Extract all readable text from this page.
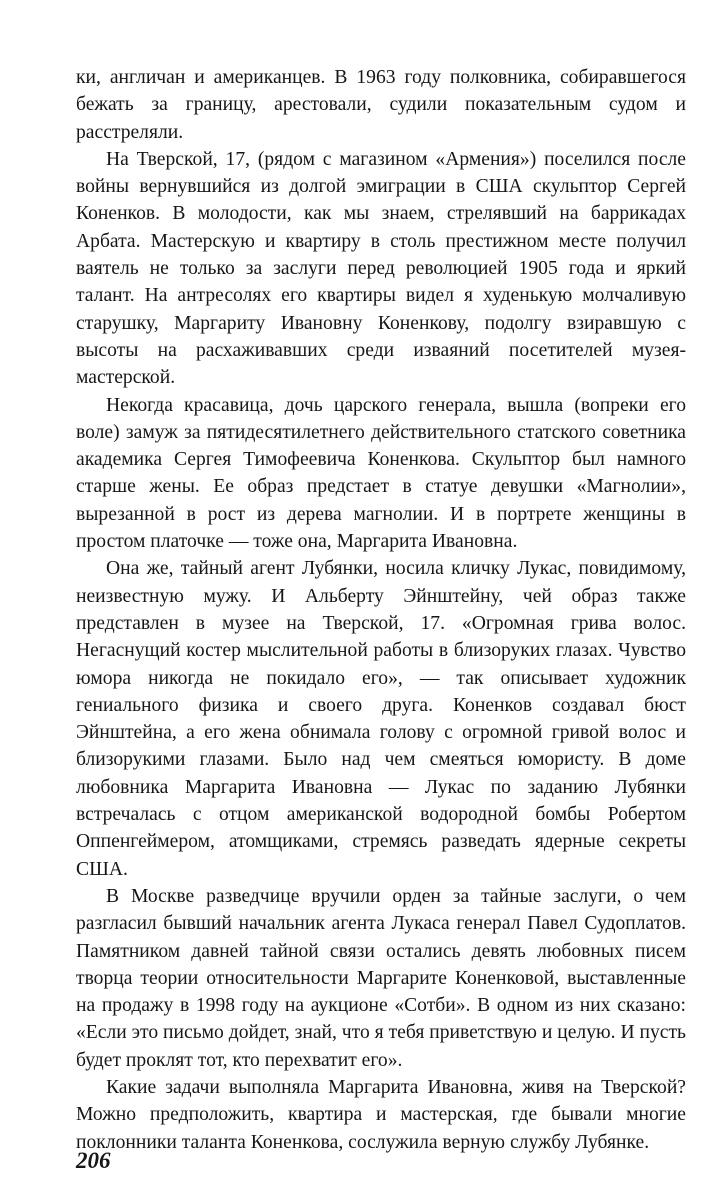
ки, англичан и американцев. В 1963 году полковника, собиравшегося бежать за границу, арестовали, судили показательным судом и расстреляли.

На Тверской, 17, (рядом с магазином «Армения») поселился после войны вернувшийся из долгой эмиграции в США скульптор Сергей Коненков. В молодости, как мы знаем, стрелявший на баррикадах Арбата. Мастерскую и квартиру в столь престижном месте получил ваятель не только за заслуги перед революцией 1905 года и яркий талант. На антресолях его квартиры видел я худенькую молчаливую старушку, Маргариту Ивановну Коненкову, подолгу взиравшую с высоты на расхаживавших среди изваяний посетителей музея-мастерской.

Некогда красавица, дочь царского генерала, вышла (вопреки его воле) замуж за пятидесятилетнего действительного статского советника академика Сергея Тимофеевича Коненкова. Скульптор был намного старше жены. Ее образ предстает в статуе девушки «Магнолии», вырезанной в рост из дерева магнолии. И в портрете женщины в простом платочке — тоже она, Маргарита Ивановна.

Она же, тайный агент Лубянки, носила кличку Лукас, повидимому, неизвестную мужу. И Альберту Эйнштейну, чей образ также представлен в музее на Тверской, 17. «Огромная грива волос. Негаснущий костер мыслительной работы в близоруких глазах. Чувство юмора никогда не покидало его», — так описывает художник гениального физика и своего друга. Коненков создавал бюст Эйнштейна, а его жена обнимала голову с огромной гривой волос и близорукими глазами. Было над чем смеяться юмористу. В доме любовника Маргарита Ивановна — Лукас по заданию Лубянки встречалась с отцом американской водородной бомбы Робертом Оппенгеймером, атомщиками, стремясь разведать ядерные секреты США.

В Москве разведчице вручили орден за тайные заслуги, о чем разгласил бывший начальник агента Лукаса генерал Павел Судоплатов. Памятником давней тайной связи остались девять любовных писем творца теории относительности Маргарите Коненковой, выставленные на продажу в 1998 году на аукционе «Сотби». В одном из них сказано: «Если это письмо дойдет, знай, что я тебя приветствую и целую. И пусть будет проклят тот, кто перехватит его».

Какие задачи выполняла Маргарита Ивановна, живя на Тверской? Можно предположить, квартира и мастерская, где бывали многие поклонники таланта Коненкова, сослужила верную службу Лубянке.

206
